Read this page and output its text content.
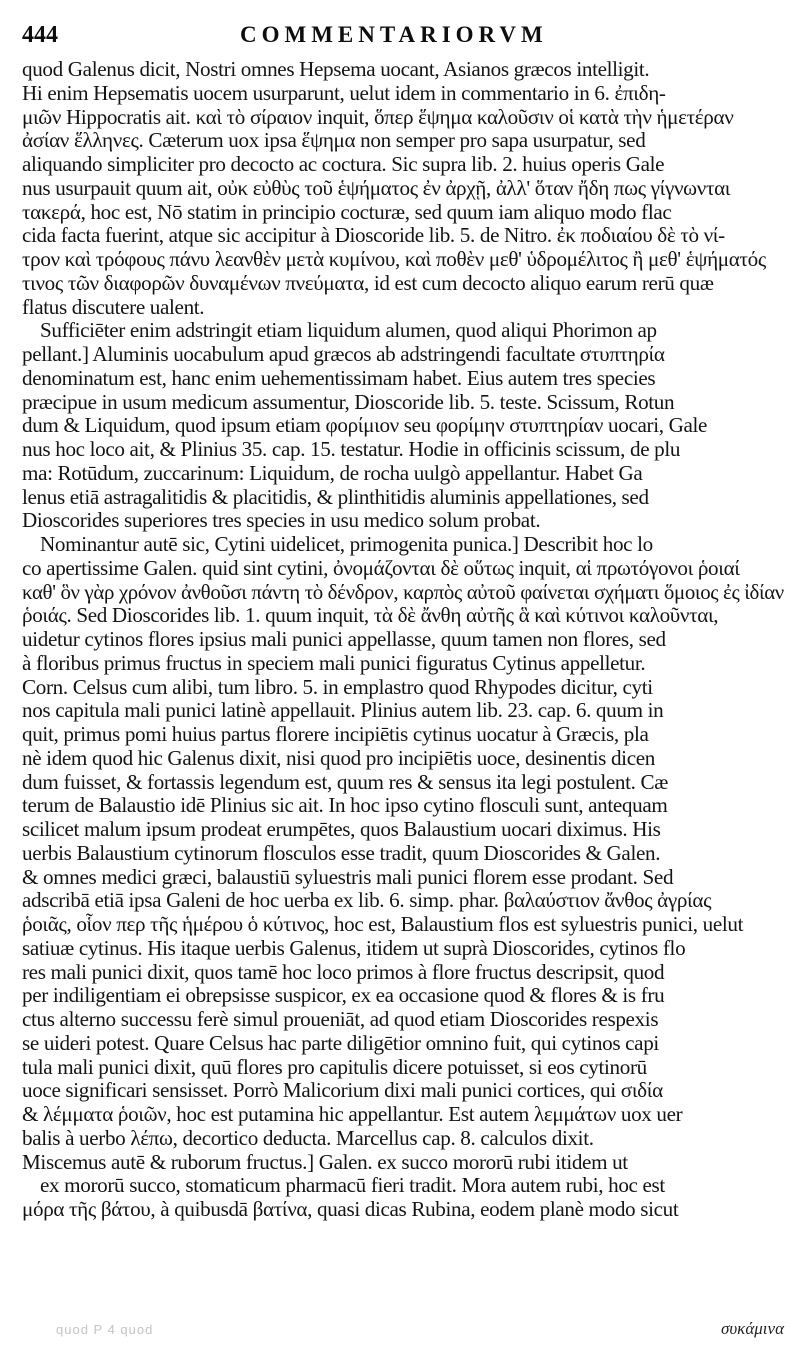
444	COMMENTARIORVM
quod Galenus dicit, Nostri omnes Hepsema uocant, Asianos græcos intelligit.
Hi enim Hepsematis uocem usurparunt, uelut idem in commentario in 6. ἐπιδη-
μιῶν Hippocratis ait. καὶ τὸ σίραιον inquit, ὅπερ ἕψημα καλοῦσιν οἱ κατὰ τὴν ἡμετέραν
ἀσίαν ἕλληνες. Cæterum uox ipsa ἕψημα non semper pro sapa usurpatur, sed
aliquando simpliciter pro decocto ac coctura. Sic supra lib. 2. huius operis Gale
nus usurpauit quum ait, οὐκ εὐθὺς τοῦ ἑψήματος ἐν ἀρχῇ, ἀλλ' ὅταν ἤδη πως γίγνωνται
τακερά, hoc est, Nō statim in principio cocturæ, sed quum iam aliquo modo flac
cida facta fuerint, atque sic accipitur à Dioscoride lib. 5. de Nitro. ἐκ ποδιαίου δὲ τὸ νί-
τρον καὶ τρόφους πάνυ λεανθὲν μετὰ κυμίνου, καὶ ποθὲν μεθ' ὑδρομέλιτος ἢ μεθ' ἑψήματός
τινος τῶν διαφορῶν δυναμένων πνεύματα, id est cum decocto aliquo earum rerū quæ
flatus discutere ualent.
Sufficiēter enim adstringit etiam liquidum alumen, quod aliqui Phorimon ap
pellant.] Aluminis uocabulum apud græcos ab adstringendi facultate στυπτηρία
denominatum est, hanc enim uehementissimam habet. Eius autem tres species
præcipue in usum medicum assumentur, Dioscoride lib. 5. teste. Scissum, Rotun
dum & Liquidum, quod ipsum etiam φορίμιον seu φορίμην στυπτηρίαν uocari, Gale
nus hoc loco ait, & Plinius 35. cap. 15. testatur. Hodie in officinis scissum, de plu
ma: Rotūdum, zuccarinum: Liquidum, de rocha uulgò appellantur. Habet Ga
lenus etiā astragalitidis & placitidis, & plinthitidis aluminis appellationes, sed
Dioscorides superiores tres species in usu medico solum probat.
Nominantur autē sic, Cytini uidelicet, primogenita punica.] Describit hoc lo
co apertissime Galen. quid sint cytini, ὀνομάζονται δὲ οὕτως inquit, αἱ πρωτόγονοι ῥοιαί
καθ' ὃν γὰρ χρόνον ἀνθοῦσι πάντη τὸ δένδρον, καρπὸς αὐτοῦ φαίνεται σχήματι ὅμοιος ἐς ἰδίαν
ῥοιάς. Sed Dioscorides lib. 1. quum inquit, τὰ δὲ ἄνθη αὐτῆς ἃ καὶ κύτινοι καλοῦνται,
uidetur cytinos flores ipsius mali punici appellasse, quum tamen non flores, sed
à floribus primus fructus in speciem mali punici figuratus Cytinus appelletur.
Corn. Celsus cum alibi, tum libro. 5. in emplastro quod Rhypodes dicitur, cyti
nos capitula mali punici latinè appellauit. Plinius autem lib. 23. cap. 6. quum in
quit, primus pomi huius partus florere incipiētis cytinus uocatur à Græcis, pla
nè idem quod hic Galenus dixit, nisi quod pro incipiētis uoce, desinentis dicen
dum fuisset, & fortassis legendum est, quum res & sensus ita legi postulent. Cæ
terum de Balaustio idē Plinius sic ait. In hoc ipso cytino flosculi sunt, antequam
scilicet malum ipsum prodeat erumpētes, quos Balaustium uocari diximus. His
uerbis Balaustium cytinorum flosculos esse tradit, quum Dioscorides & Galen.
& omnes medici græci, balaustiū syluestris mali punici florem esse prodant. Sed
adscribā etiā ipsa Galeni de hoc uerba ex lib. 6. simp. phar. βαλαύστιον ἄνθος ἀγρίας
ῥοιᾶς, οἷον περ τῆς ἡμέρου ὁ κύτινος, hoc est, Balaustium flos est syluestris punici, uelut
satiuæ cytinus. His itaque uerbis Galenus, itidem ut suprà Dioscorides, cytinos flo
res mali punici dixit, quos tamē hoc loco primos à flore fructus descripsit, quod
per indiligentiam ei obrepsisse suspicor, ex ea occasione quod & flores & is fru
ctus alterno successu ferè simul proueniāt, ad quod etiam Dioscorides respexis
se uideri potest. Quare Celsus hac parte diligētior omnino fuit, qui cytinos capi
tula mali punici dixit, quū flores pro capitulis dicere potuisset, si eos cytinorū
uoce significari sensisset. Porrò Malicorium dixi mali punici cortices, qui σιδία
& λέμματα ῥοιῶν, hoc est putamina hic appellantur. Est autem λεμμάτων uox uer
balis à uerbo λέπω, decortico deducta. Marcellus cap. 8. calculos dixit.
Miscemus autē & ruborum fructus.] Galen. ex succo mororū rubi itidem ut
ex mororū succo, stomaticum pharmacū fieri tradit. Mora autem rubi, hoc est
μόρα τῆς βάτου, à quibusdā βατίνα, quasi dicas Rubina, eodem planè modo sicut
quod P 4 quod	συκάμινα
